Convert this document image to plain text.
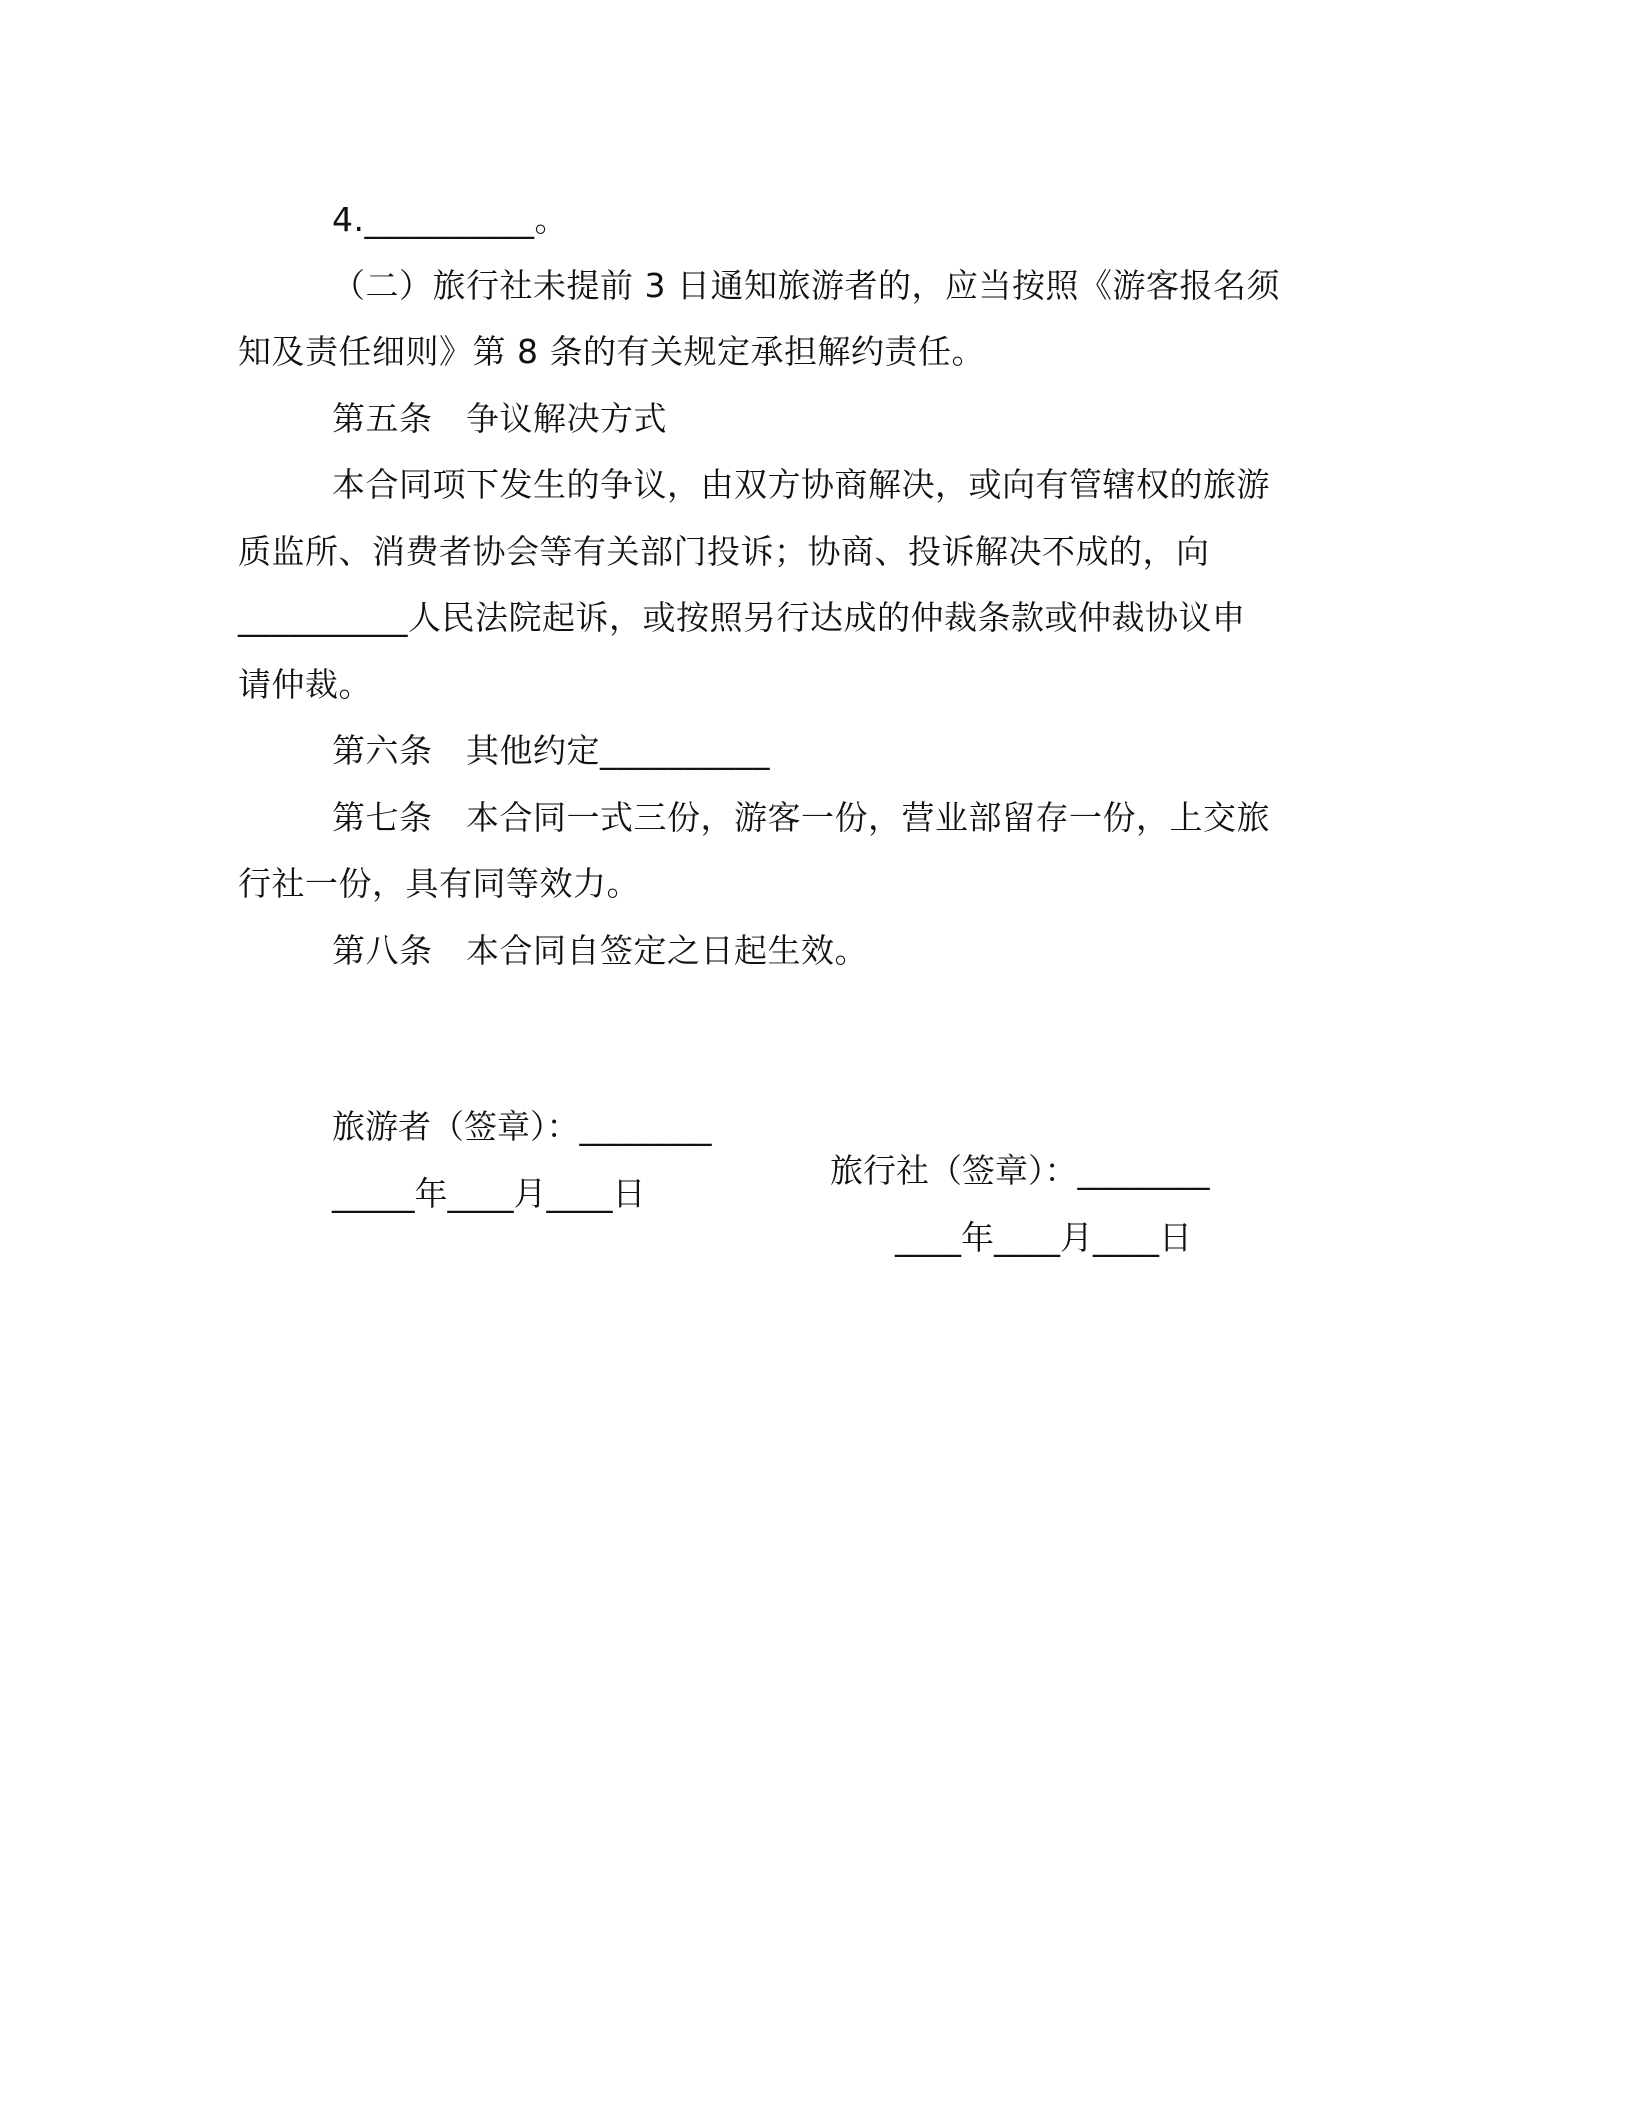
4.__________。
（二）旅行社未提前 3 日通知旅游者的，应当按照《游客报名须
知及责任细则》第 8 条的有关规定承担解约责任。
第五条　争议解决方式
本合同项下发生的争议，由双方协商解决，或向有管辖权的旅游
质监所、消费者协会等有关部门投诉；协商、投诉解决不成的，向
__________人民法院起诉，或按照另行达成的仲裁条款或仲裁协议申
请仲裁。
第六条　其他约定__________
第七条　本合同一式三份，游客一份，营业部留存一份，上交旅
行社一份，具有同等效力。
第八条　本合同自签定之日起生效。

旅游者（签章）：________

旅行社（签章）：________

_____年____月____日

____年____月____日
